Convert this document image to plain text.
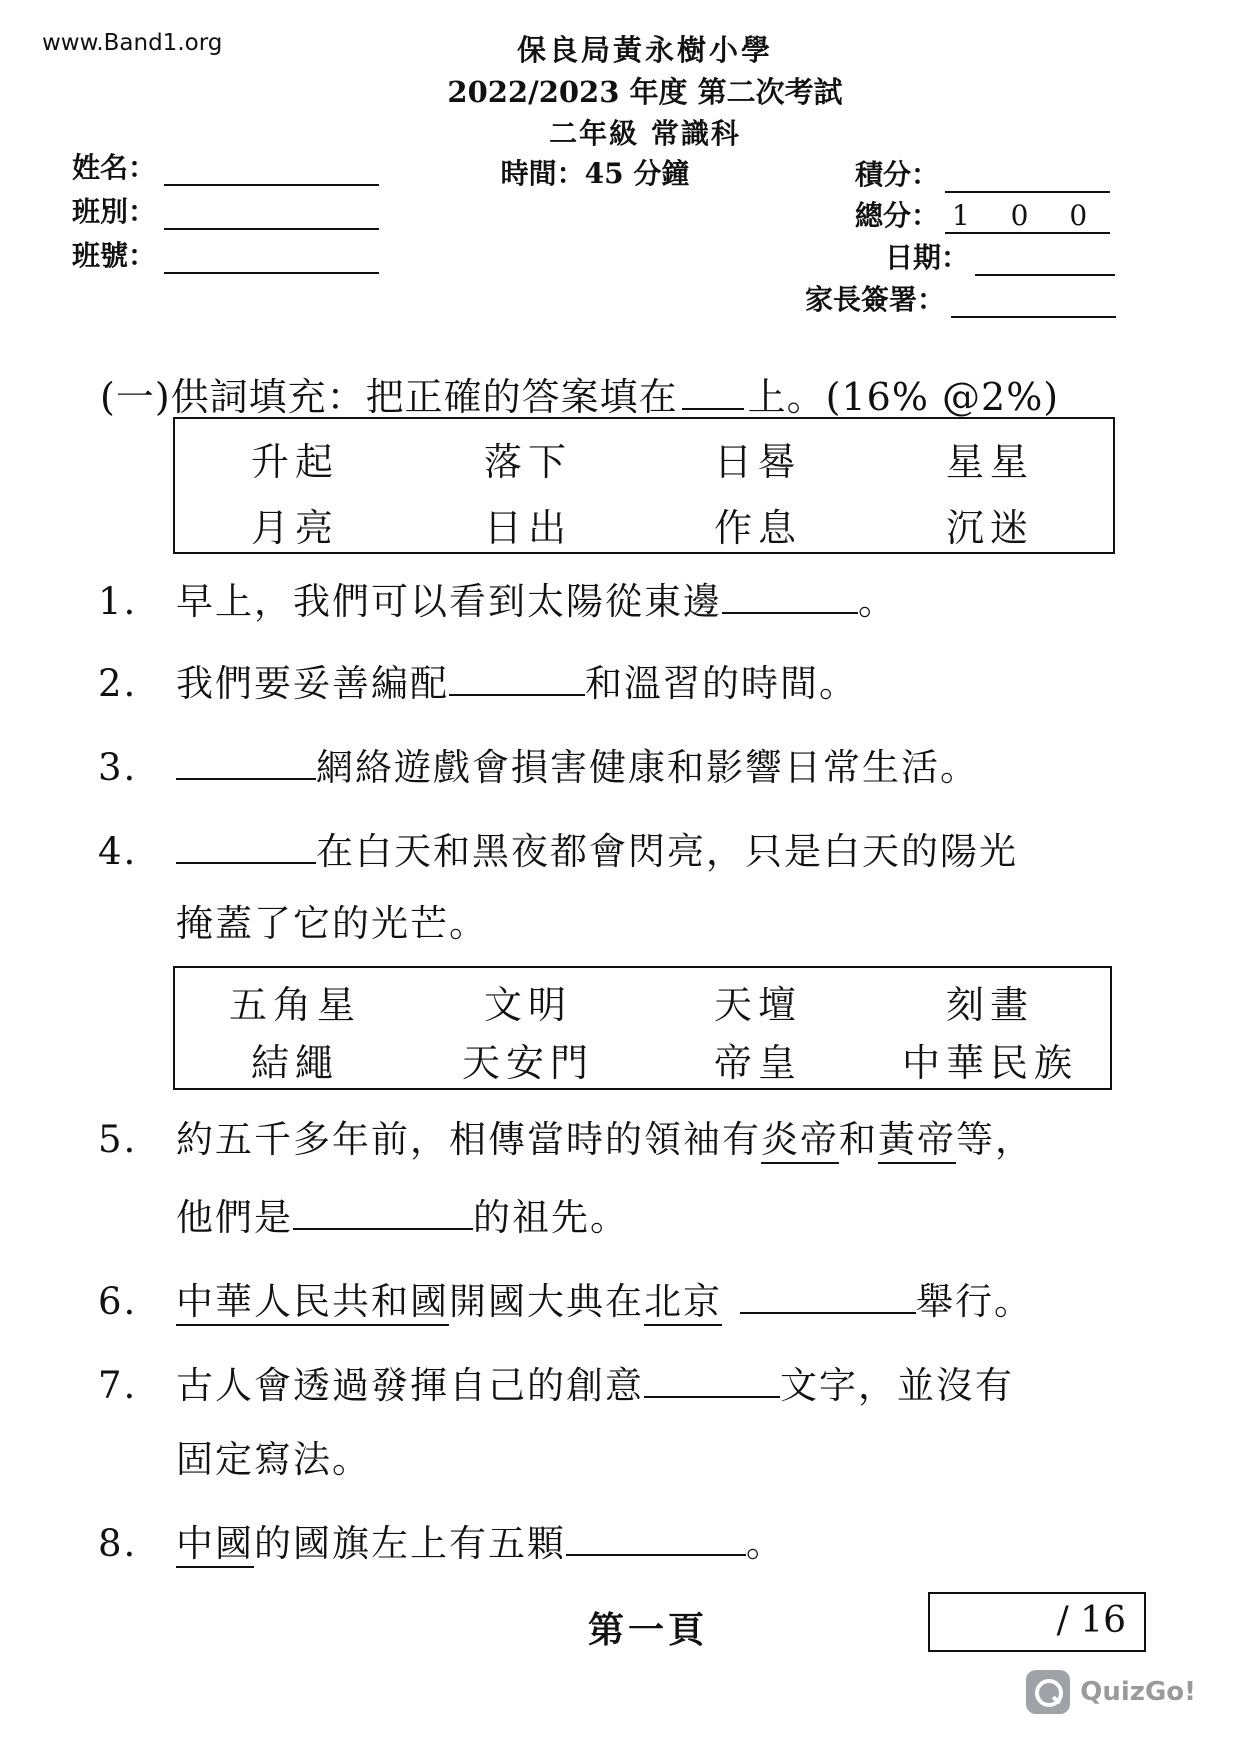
www.Band1.org	保良局黃永樹小學
2022/2023 年度 第二次考試
二年級 常識科
時間：45 分鐘
姓名：
班別：
班號：
積分：
總分： 1 0 0
日期：
家長簽署：
(一)供詞填充：把正確的答案填在 上。(16% @2%)
升起	落下	日晷	星星
月亮	日出	作息	沉迷
1. 早上，我們可以看到太陽從東邊	。
2. 我們要妥善編配	和溫習的時間。
3.	網絡遊戲會損害健康和影響日常生活。
4.	在白天和黑夜都會閃亮，只是白天的陽光
掩蓋了它的光芒。
五角星	文明	天壇	刻畫
結繩	天安門	帝皇	中華民族
5. 約五千多年前，相傳當時的領袖有炎帝和黃帝等，
他們是	的祖先。
6. 中華人民共和國開國大典在北京	舉行。
7. 古人會透過發揮自己的創意	文字，並沒有
固定寫法。
8. 中國的國旗左上有五顆	。
第一頁	/ 16
QuizGo!
